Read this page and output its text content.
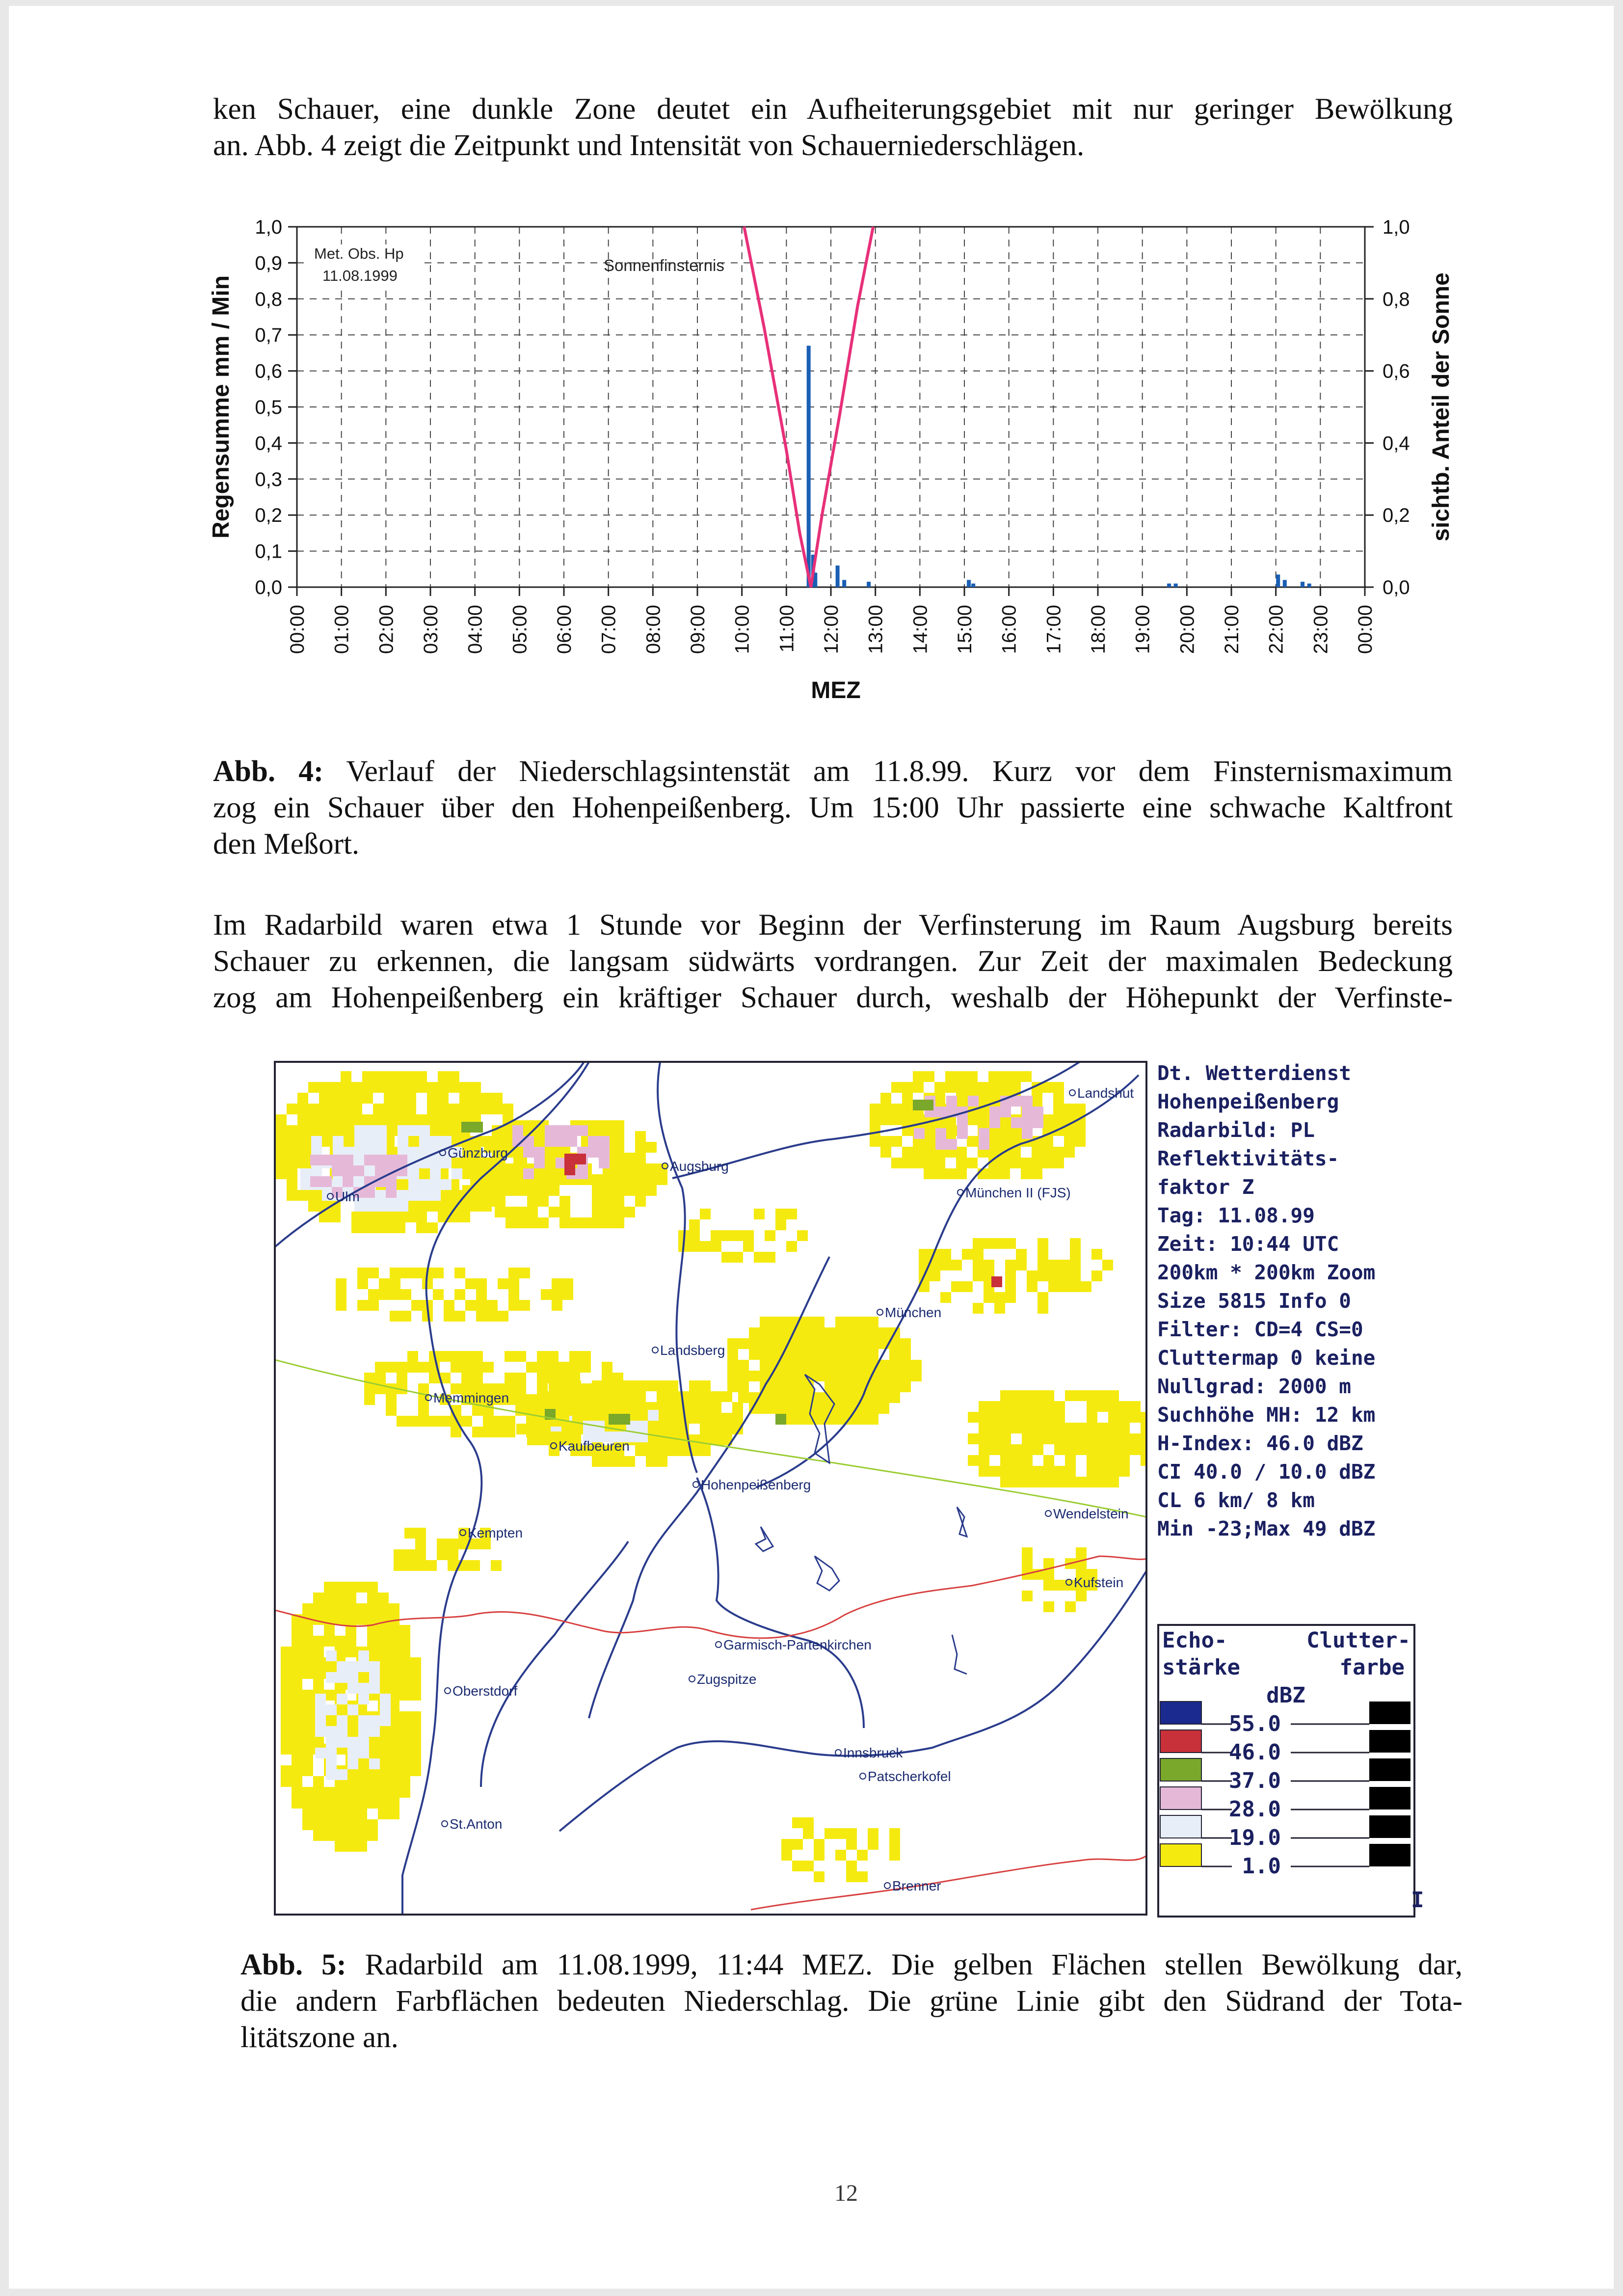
ken Schauer, eine dunkle Zone deutet ein Aufheiterungsgebiet mit nur geringer Bewölkung
an. Abb. 4 zeigt die Zeitpunkt und Intensität von Schauerniederschlägen.
0,0
0,1
0,2
0,3
0,4
0,5
0,6
0,7
0,8
0,9
1,0
0,0
0,2
0,4
0,6
0,8
1,0
00:00 01:00 02:00 03:00 04:00 05:00 06:00 07:00 08:00 09:00 10:00 11:00 12:00 13:00 14:00 15:00 16:00 17:00 18:00 19:00 20:00 21:00 22:00 23:00 00:00
Met. Obs. Hp
11.08.1999
Sonnenfinsternis
MEZ
Regensumme mm / Min	sichtb. Anteil der Sonne
Abb. 4: Verlauf der Niederschlagsintenstät am 11.8.99. Kurz vor dem Finsternismaximum
zog ein Schauer über den Hohenpeißenberg. Um 15:00 Uhr passierte eine schwache Kaltfront
den Meßort.
Im Radarbild waren etwa 1 Stunde vor Beginn der Verfinsterung im Raum Augsburg bereits
Schauer zu erkennen, die langsam südwärts vordrangen. Zur Zeit der maximalen Bedeckung
zog am Hohenpeißenberg ein kräftiger Schauer durch, weshalb der Höhepunkt der Verfinste-
Landshut
Günzburg
Augsburg
Ulm	München II (FJS)
München
Landsberg
Memmingen
Kaufbeuren
Hohenpeißenberg
Wendelstein
Kempten
Kufstein
Garmisch-Partenkirchen
Zugspitze
Oberstdorf
Innsbruck
Patscherkofel
St.Anton
Brenner
Dt. Wetterdienst
Hohenpeißenberg
Radarbild: PL
Reflektivitäts-
faktor Z
Tag: 11.08.99
Zeit: 10:44 UTC
200km * 200km Zoom
Size 5815 Info 0
Filter: CD=4 CS=0
Cluttermap 0 keine
Nullgrad: 2000 m
Suchhöhe MH: 12 km
H-Index: 46.0 dBZ
CI 40.0 / 10.0 dBZ
CL 6 km/ 8 km
Min -23;Max 49 dBZ
Echo-
stärke
Clutter-
farbe
dBZ
55.0
46.0
37.0
28.0
19.0
1.0
I
Abb. 5: Radarbild am 11.08.1999, 11:44 MEZ. Die gelben Flächen stellen Bewölkung dar,
die andern Farbflächen bedeuten Niederschlag. Die grüne Linie gibt den Südrand der Tota-
litätszone an.
12
